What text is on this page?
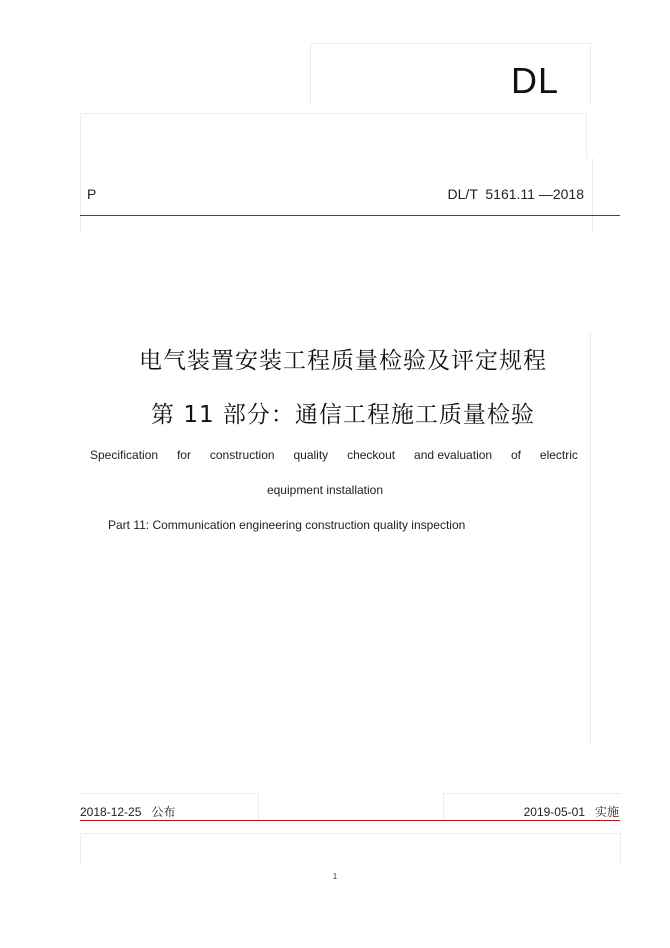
DL
P	DL/T  5161.11 —2018
电气装置安装工程质量检验及评定规程
第 11 部分：通信工程施工质量检验
Specification for construction quality checkout and evaluation of electric
equipment installation
Part 11: Communication engineering construction quality inspection
2018-12-25   公布	2019-05-01   实施
1
